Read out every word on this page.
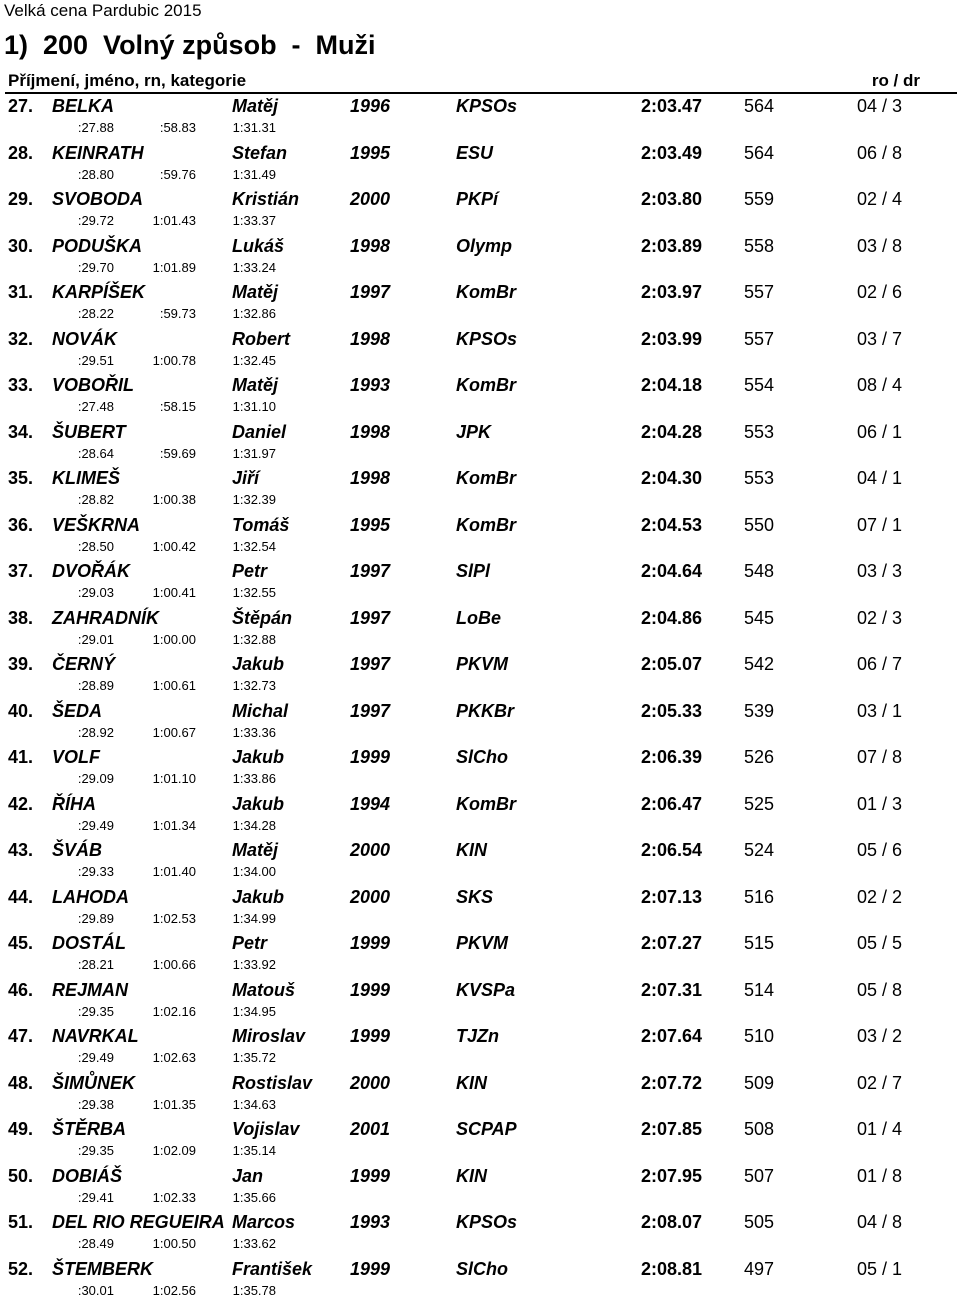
Velká cena Pardubic 2015
1)  200  Volný způsob  -  Muži
Příjmení, jméno, rn, kategorie	ro / dr
27. BELKA	Matěj	1996	KPSOs	2:03.47 564	04 / 3
:27.88	:58.83	1:31.31
28. KEINRATH	Stefan	1995	ESU	2:03.49 564	06 / 8
:28.80	:59.76	1:31.49
29. SVOBODA	Kristián	2000	PKPí	2:03.80 559	02 / 4
:29.72	1:01.43	1:33.37
30. PODUŠKA	Lukáš	1998	Olymp	2:03.89 558	03 / 8
:29.70	1:01.89	1:33.24
31. KARPÍŠEK	Matěj	1997	KomBr	2:03.97 557	02 / 6
:28.22	:59.73	1:32.86
32. NOVÁK	Robert	1998	KPSOs	2:03.99 557	03 / 7
:29.51	1:00.78	1:32.45
33. VOBOŘIL	Matěj	1993	KomBr	2:04.18 554	08 / 4
:27.48	:58.15	1:31.10
34. ŠUBERT	Daniel	1998	JPK	2:04.28 553	06 / 1
:28.64	:59.69	1:31.97
35. KLIMEŠ	Jiří	1998	KomBr	2:04.30 553	04 / 1
:28.82	1:00.38	1:32.39
36. VEŠKRNA	Tomáš	1995	KomBr	2:04.53 550	07 / 1
:28.50	1:00.42	1:32.54
37. DVOŘÁK	Petr	1997	SlPl	2:04.64 548	03 / 3
:29.03	1:00.41	1:32.55
38. ZAHRADNÍK	Štěpán	1997	LoBe	2:04.86 545	02 / 3
:29.01	1:00.00	1:32.88
39. ČERNÝ	Jakub	1997	PKVM	2:05.07 542	06 / 7
:28.89	1:00.61	1:32.73
40. ŠEDA	Michal	1997	PKKBr	2:05.33 539	03 / 1
:28.92	1:00.67	1:33.36
41. VOLF	Jakub	1999	SlCho	2:06.39 526	07 / 8
:29.09	1:01.10	1:33.86
42. ŘÍHA	Jakub	1994	KomBr	2:06.47 525	01 / 3
:29.49	1:01.34	1:34.28
43. ŠVÁB	Matěj	2000	KIN	2:06.54 524	05 / 6
:29.33	1:01.40	1:34.00
44. LAHODA	Jakub	2000	SKS	2:07.13 516	02 / 2
:29.89	1:02.53	1:34.99
45. DOSTÁL	Petr	1999	PKVM	2:07.27 515	05 / 5
:28.21	1:00.66	1:33.92
46. REJMAN	Matouš	1999	KVSPa	2:07.31 514	05 / 8
:29.35	1:02.16	1:34.95
47. NAVRKAL	Miroslav 1999	TJZn	2:07.64 510	03 / 2
:29.49	1:02.63	1:35.72
48. ŠIMŮNEK	Rostislav 2000	KIN	2:07.72 509	02 / 7
:29.38	1:01.35	1:34.63
49. ŠTĚRBA	Vojislav	2001	SCPAP	2:07.85 508	01 / 4
:29.35	1:02.09	1:35.14
50. DOBIÁŠ	Jan	1999	KIN	2:07.95 507	01 / 8
:29.41	1:02.33	1:35.66
51. DEL RIO REGUEIRA Marcos	1993	KPSOs	2:08.07 505	04 / 8
:28.49	1:00.50	1:33.62
52. ŠTEMBERK	František 1999	SlCho	2:08.81 497	05 / 1
:30.01	1:02.56	1:35.78
